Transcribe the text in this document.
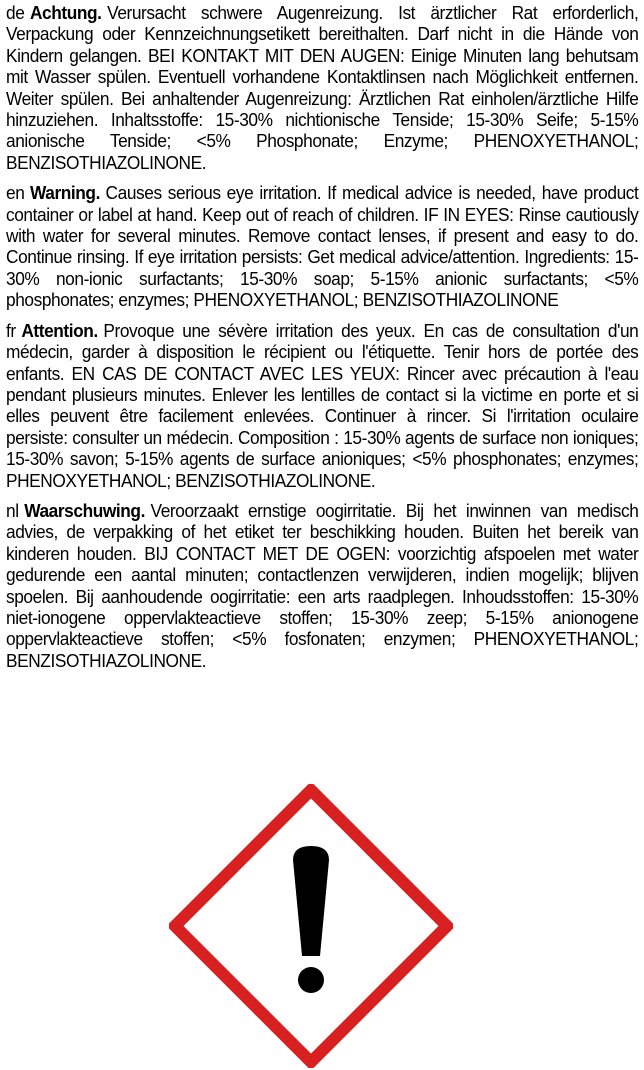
de Achtung. Verursacht schwere Augenreizung. Ist ärztlicher Rat erforderlich, Verpackung oder Kennzeichnungsetikett bereithalten. Darf nicht in die Hände von Kindern gelangen. BEI KONTAKT MIT DEN AUGEN: Einige Minuten lang behutsam mit Wasser spülen. Eventuell vorhandene Kontaktlinsen nach Möglichkeit entfernen. Weiter spülen. Bei anhaltender Augenreizung: Ärztlichen Rat einholen/ärztliche Hilfe hinzuziehen. Inhaltsstoffe: 15-30% nichtionische Tenside; 15-30% Seife; 5-15% anionische Tenside; <5% Phosphonate; Enzyme; PHENOXYETHANOL; BENZISOTHIAZOLINONE.

en Warning. Causes serious eye irritation. If medical advice is needed, have product container or label at hand. Keep out of reach of children. IF IN EYES: Rinse cautiously with water for several minutes. Remove contact lenses, if present and easy to do. Continue rinsing. If eye irritation persists: Get medical advice/attention. Ingredients: 15-30% non-ionic surfactants; 15-30% soap; 5-15% anionic surfactants; <5% phosphonates; enzymes; PHENOXYETHANOL; BENZISOTHIAZOLINONE

fr Attention. Provoque une sévère irritation des yeux. En cas de consultation d'un médecin, garder à disposition le récipient ou l'étiquette. Tenir hors de portée des enfants. EN CAS DE CONTACT AVEC LES YEUX: Rincer avec précaution à l'eau pendant plusieurs minutes. Enlever les lentilles de contact si la victime en porte et si elles peuvent être facilement enlevées. Continuer à rincer. Si l'irritation oculaire persiste: consulter un médecin. Composition : 15-30% agents de surface non ioniques; 15-30% savon; 5-15% agents de surface anioniques; <5% phosphonates; enzymes; PHENOXYETHANOL; BENZISOTHIAZOLINONE.

nl Waarschuwing. Veroorzaakt ernstige oogirritatie. Bij het inwinnen van medisch advies, de verpakking of het etiket ter beschikking houden. Buiten het bereik van kinderen houden. BIJ CONTACT MET DE OGEN: voorzichtig afspoelen met water gedurende een aantal minuten; contactlenzen verwijderen, indien mogelijk; blijven spoelen. Bij aanhoudende oogirritatie: een arts raadplegen. Inhoudsstoffen: 15-30% niet-ionogene oppervlakteactieve stoffen; 15-30% zeep; 5-15% anionogene oppervlakteactieve stoffen; <5% fosfonaten; enzymen; PHENOXYETHANOL; BENZISOTHIAZOLINONE.
